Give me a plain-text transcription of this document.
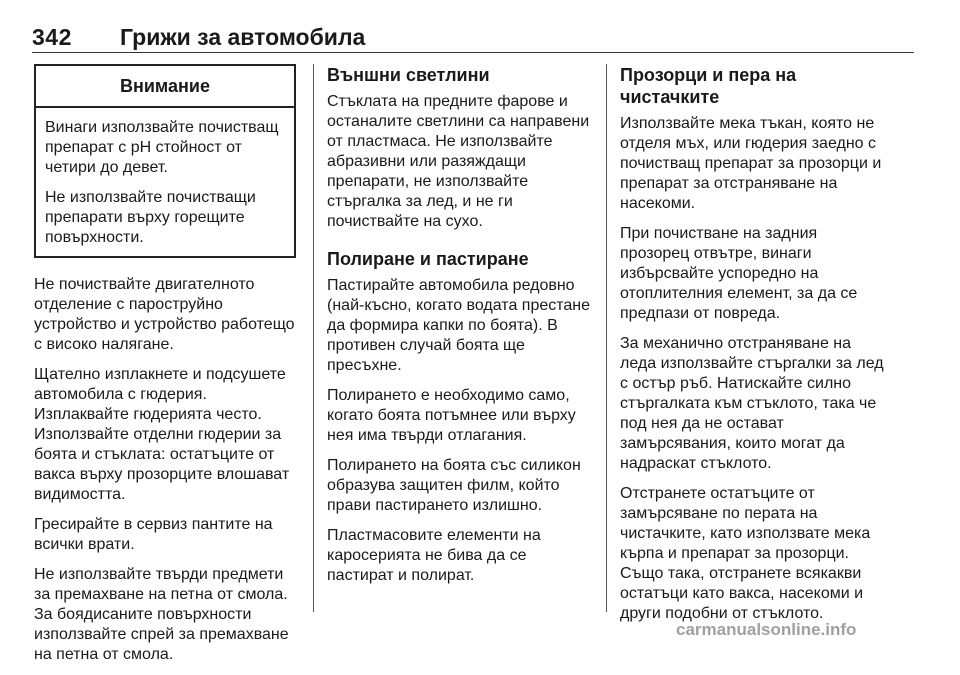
342 Грижи за автомобила
Внимание

Винаги използвайте почистващ препарат с pH стойност от четири до девет.

Не използвайте почистващи препарати върху горещите повърхности.

Не почиствайте двигателното отделение с пароструйно устройство и устройство работещо с високо налягане.

Щателно изплакнете и подсушете автомобила с гюдерия. Изплаквайте гюдерията често. Използвайте отделни гюдерии за боята и стъклата: остатъците от вакса върху прозорците влошават видимостта.

Гресирайте в сервиз пантите на всички врати.

Не използвайте твърди предмети за премахване на петна от смола. За боядисаните повърхности използвайте спрей за премахване на петна от смола.

Външни светлини

Стъклата на предните фарове и останалите светлини са направени от пластмаса. Не използвайте абразивни или разяждащи препарати, не използвайте стъргалка за лед, и не ги почиствайте на сухо.

Полиране и пастиране

Пастирайте автомобила редовно (най-късно, когато водата престане да формира капки по боята). В противен случай боята ще пресъхне.

Полирането е необходимо само, когато боята потъмнее или върху нея има твърди отлагания.

Полирането на боята със силикон образува защитен филм, който прави пастирането излишно.

Пластмасовите елементи на каросерията не бива да се пастират и полират.

Прозорци и пера на чистачките

Използвайте мека тъкан, която не отделя мъх, или гюдерия заедно с почистващ препарат за прозорци и препарат за отстраняване на насекоми.

При почистване на задния прозорец отвътре, винаги избърсвайте успоредно на отоплителния елемент, за да се предпази от повреда.

За механично отстраняване на леда използвайте стъргалки за лед с остър ръб. Натискайте силно стъргалката към стъклото, така че под нея да не остават замърсявания, които могат да надраскат стъклото.

Отстранете остатъците от замърсяване по перата на чистачките, като използвате мека кърпа и препарат за прозорци. Също така, отстранете всякакви остатъци като вакса, насекоми и други подобни от стъклото.

carmanualsonline.info
